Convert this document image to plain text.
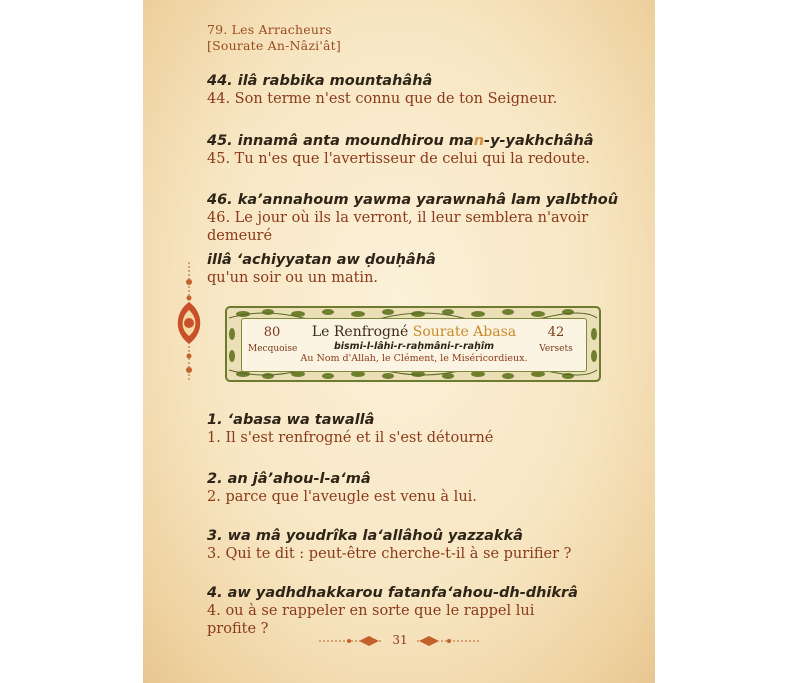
79. Les Arracheurs
[Sourate An-Nâzi'ât]
44. ilâ rabbika mountahâhâ
44. Son terme n'est connu que de ton Seigneur.
45. innamâ anta moundhirou man-y-yakhchâhâ
45. Tu n'es que l'avertisseur de celui qui la redoute.
46. ka’annahoum yawma yarawnahâ lam yalbthoû
46. Le jour où ils la verront, il leur semblera n'avoir demeuré
illâ ‘achiyyatan aw ḍouḥâhâ
qu'un soir ou un matin.
80
Mecquoise
Le Renfrogné Sourate Abasa
bismi-l-lâhi-r-raḥmâni-r-raḥîm
Au Nom d'Allah, le Clément, le Miséricordieux.
42
Versets
1. ‘abasa wa tawallâ
1. Il s'est renfrogné et il s'est détourné
2. an jâ’ahou-l-a‘mâ
2. parce que l'aveugle est venu à lui.
3. wa mâ youdrîka la‘allâhoû yazzakkâ
3. Qui te dit : peut-être cherche-t-il à se purifier ?
4. aw yadhdhakkarou fatanfa‘ahou-dh-dhikrâ
4. ou à se rappeler en sorte que le rappel lui
profite ?
31
